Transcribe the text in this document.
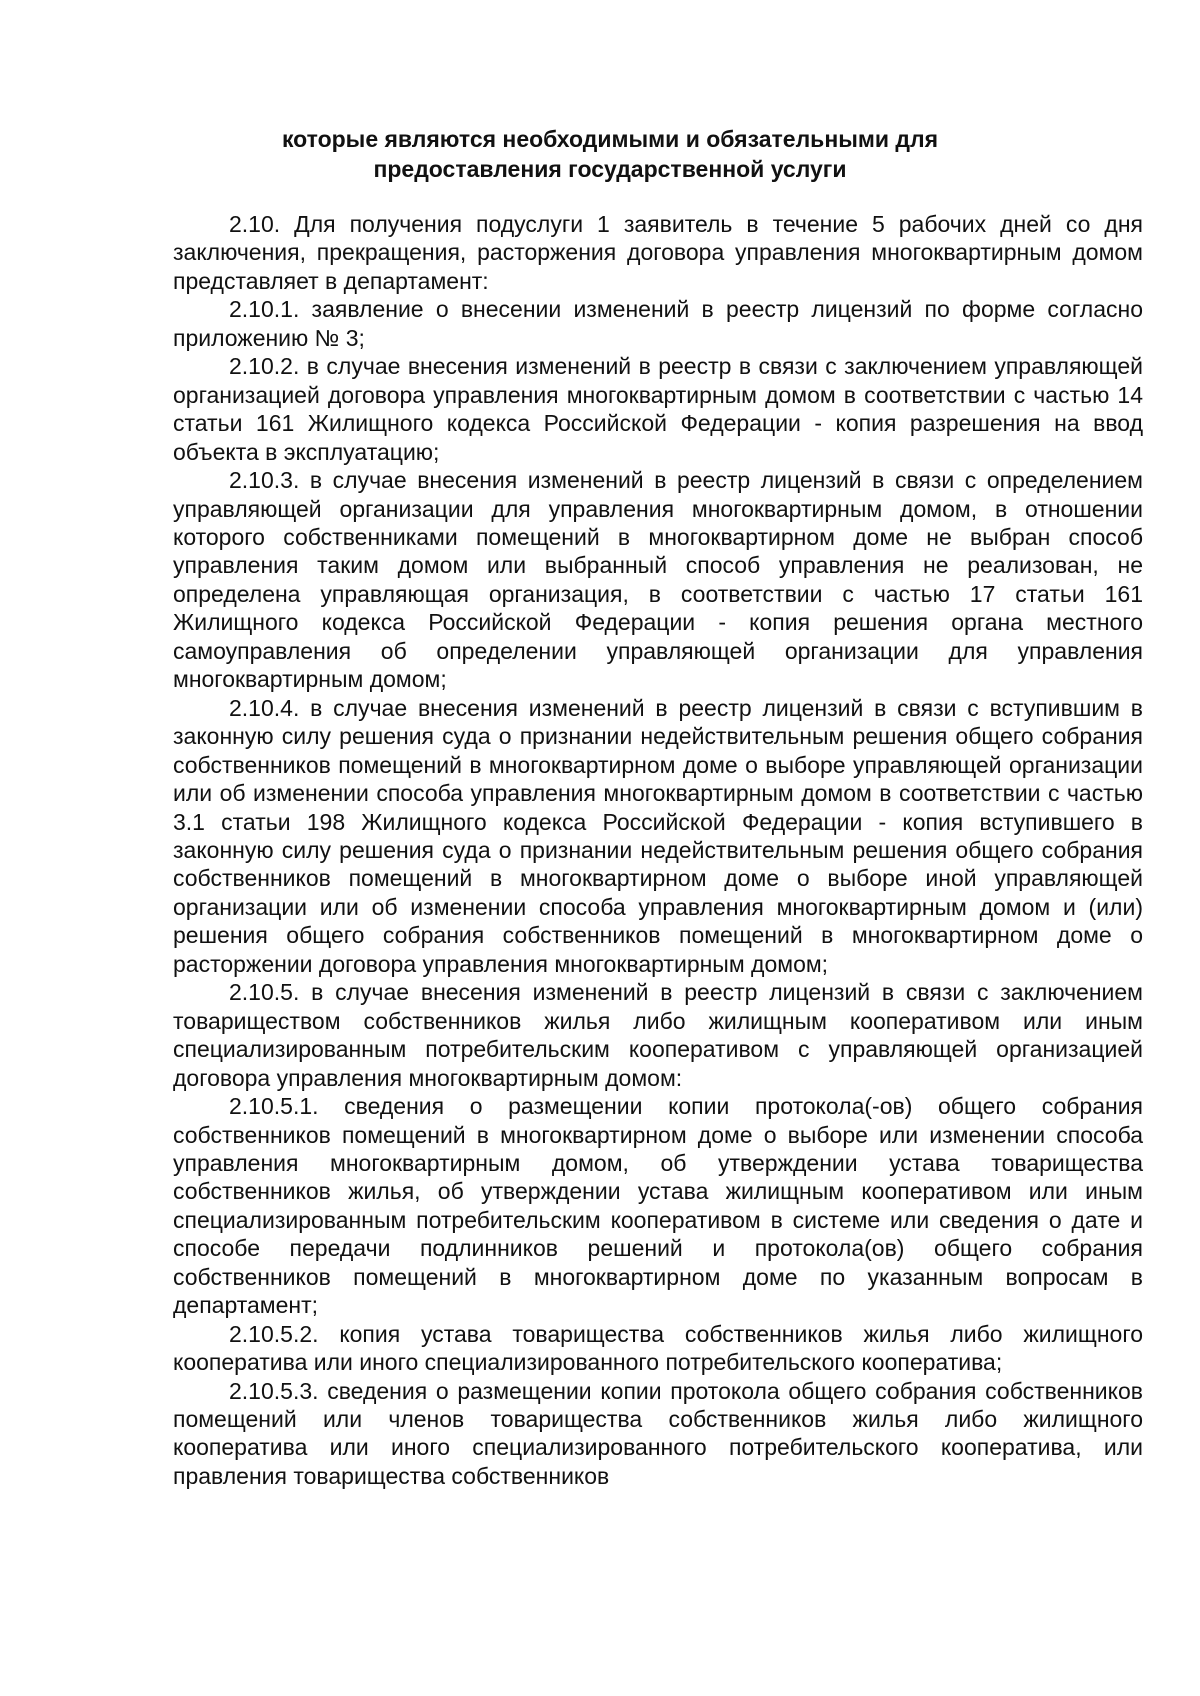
которые являются необходимыми и обязательными для
предоставления государственной услуги

2.10. Для получения подуслуги 1 заявитель в течение 5 рабочих дней со дня заключения, прекращения, расторжения договора управления многоквартирным домом представляет в департамент:

2.10.1. заявление о внесении изменений в реестр лицензий по форме согласно приложению № 3;

2.10.2. в случае внесения изменений в реестр в связи с заключением управляющей организацией договора управления многоквартирным домом в соответствии с частью 14 статьи 161 Жилищного кодекса Российской Федерации - копия разрешения на ввод объекта в эксплуатацию;

2.10.3. в случае внесения изменений в реестр лицензий в связи с определением управляющей организации для управления многоквартирным домом, в отношении которого собственниками помещений в многоквартирном доме не выбран способ управления таким домом или выбранный способ управления не реализован, не определена управляющая организация, в соответствии с частью 17 статьи 161 Жилищного кодекса Российской Федерации - копия решения органа местного самоуправления об определении управляющей организации для управления многоквартирным домом;

2.10.4. в случае внесения изменений в реестр лицензий в связи с вступившим в законную силу решения суда о признании недействительным решения общего собрания собственников помещений в многоквартирном доме о выборе управляющей организации или об изменении способа управления многоквартирным домом в соответствии с частью 3.1 статьи 198 Жилищного кодекса Российской Федерации - копия вступившего в законную силу решения суда о признании недействительным решения общего собрания собственников помещений в многоквартирном доме о выборе иной управляющей организации или об изменении способа управления многоквартирным домом и (или) решения общего собрания собственников помещений в многоквартирном доме о расторжении договора управления многоквартирным домом;

2.10.5. в случае внесения изменений в реестр лицензий в связи с заключением товариществом собственников жилья либо жилищным кооперативом или иным специализированным потребительским кооперативом с управляющей организацией договора управления многоквартирным домом:

2.10.5.1. сведения о размещении копии протокола(-ов) общего собрания собственников помещений в многоквартирном доме о выборе или изменении способа управления многоквартирным домом, об утверждении устава товарищества собственников жилья, об утверждении устава жилищным кооперативом или иным специализированным потребительским кооперативом в системе или сведения о дате и способе передачи подлинников решений и протокола(ов) общего собрания собственников помещений в многоквартирном доме по указанным вопросам в департамент;

2.10.5.2. копия устава товарищества собственников жилья либо жилищного кооператива или иного специализированного потребительского кооператива;

2.10.5.3. сведения о размещении копии протокола общего собрания собственников помещений или членов товарищества собственников жилья либо жилищного кооператива или иного специализированного потребительского кооператива, или правления товарищества собственников
